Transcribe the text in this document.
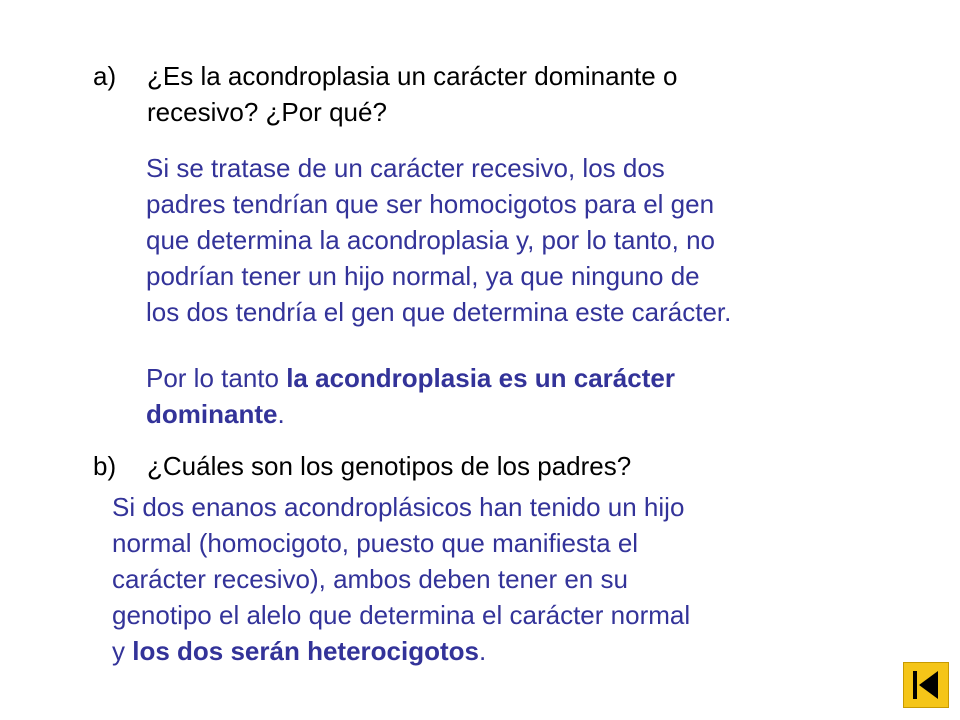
a)	¿Es la acondroplasia un carácter dominante o
recesivo? ¿Por qué?
Si se tratase de un carácter recesivo, los dos
padres tendrían que ser homocigotos para el gen
que determina la acondroplasia y, por lo tanto, no
podrían tener un hijo normal, ya que ninguno de
los dos tendría el gen que determina este carácter.
Por lo tanto la acondroplasia es un carácter
dominante.
b)	¿Cuáles son los genotipos de los padres?
Si dos enanos acondroplásicos han tenido un hijo
normal (homocigoto, puesto que manifiesta el
carácter recesivo), ambos deben tener en su
genotipo el alelo que determina el carácter normal
y los dos serán heterocigotos.
